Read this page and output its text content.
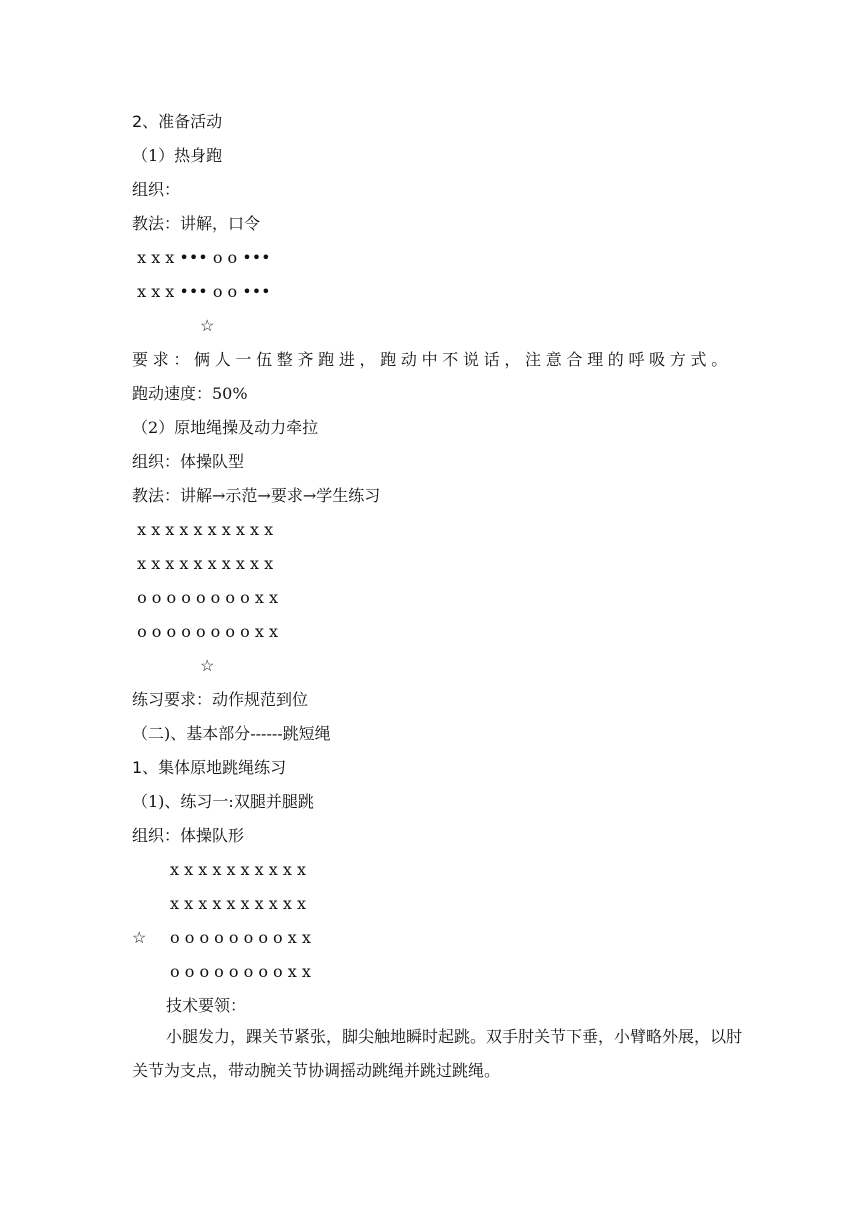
2、准备活动
（1）热身跑
组织：
教法：讲解，口令
x x x ••• o o •••
x x x ••• o o •••
☆
要 求 ： 俩 人 一 伍 整 齐 跑 进 ， 跑 动 中 不 说 话 ， 注 意 合 理 的 呼 吸 方 式 。
跑动速度：50%
（2）原地绳操及动力牵拉
组织：体操队型
教法：讲解→示范→要求→学生练习
x x x x x x x x x x
x x x x x x x x x x
o o o o o o o o x x
o o o o o o o o x x
☆
练习要求：动作规范到位
（二)、基本部分------跳短绳
1、集体原地跳绳练习
（1)、练习一:双腿并腿跳
组织：体操队形
x x x x x x x x x x
x x x x x x x x x x
☆ o o o o o o o o x x
o o o o o o o o x x
技术要领：
小腿发力，踝关节紧张，脚尖触地瞬时起跳。双手肘关节下垂，小臂略外展，以肘关节为支点，带动腕关节协调摇动跳绳并跳过跳绳。
